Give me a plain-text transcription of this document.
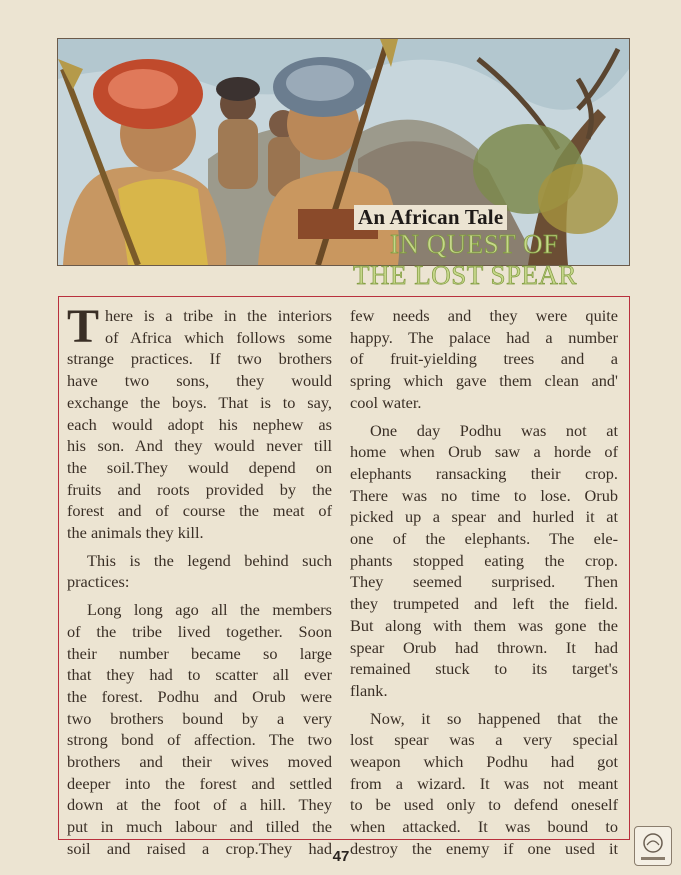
An African Tale
IN QUEST OF
THE LOST SPEAR
T here is a tribe in the interiors
of Africa which follows some
strange practices. If two brothers
have two sons, they would
exchange the boys. That is to say,
each would adopt his nephew as
his son. And they would never till
the soil.They would depend on
fruits and roots provided by the
forest and of course the meat of
the animals they kill.
This is the legend behind such
practices:
Long long ago all the members
of the tribe lived together. Soon
their number became so large
that they had to scatter all ever
the forest. Podhu and Orub were
two brothers bound by a very
strong bond of affection. The two
brothers and their wives moved
deeper into the forest and settled
down at the foot of a hill. They
put in much labour and tilled the
soil and raised a crop.They had
few needs and they were quite
happy. The palace had a number
of fruit-yielding trees and a
spring which gave them clean and'
cool water.
One day Podhu was not at
home when Orub saw a horde of
elephants ransacking their crop.
There was no time to lose. Orub
picked up a spear and hurled it at
one of the elephants. The ele-
phants stopped eating the crop.
They seemed surprised. Then
they trumpeted and left the field.
But along with them was gone the
spear Orub had thrown. It had
remained stuck to its target's
flank.
Now, it so happened that the
lost spear was a very special
weapon which Podhu had got
from a wizard. It was not meant
to be used only to defend oneself
when attacked. It was bound to
destroy the enemy if one used it
47
